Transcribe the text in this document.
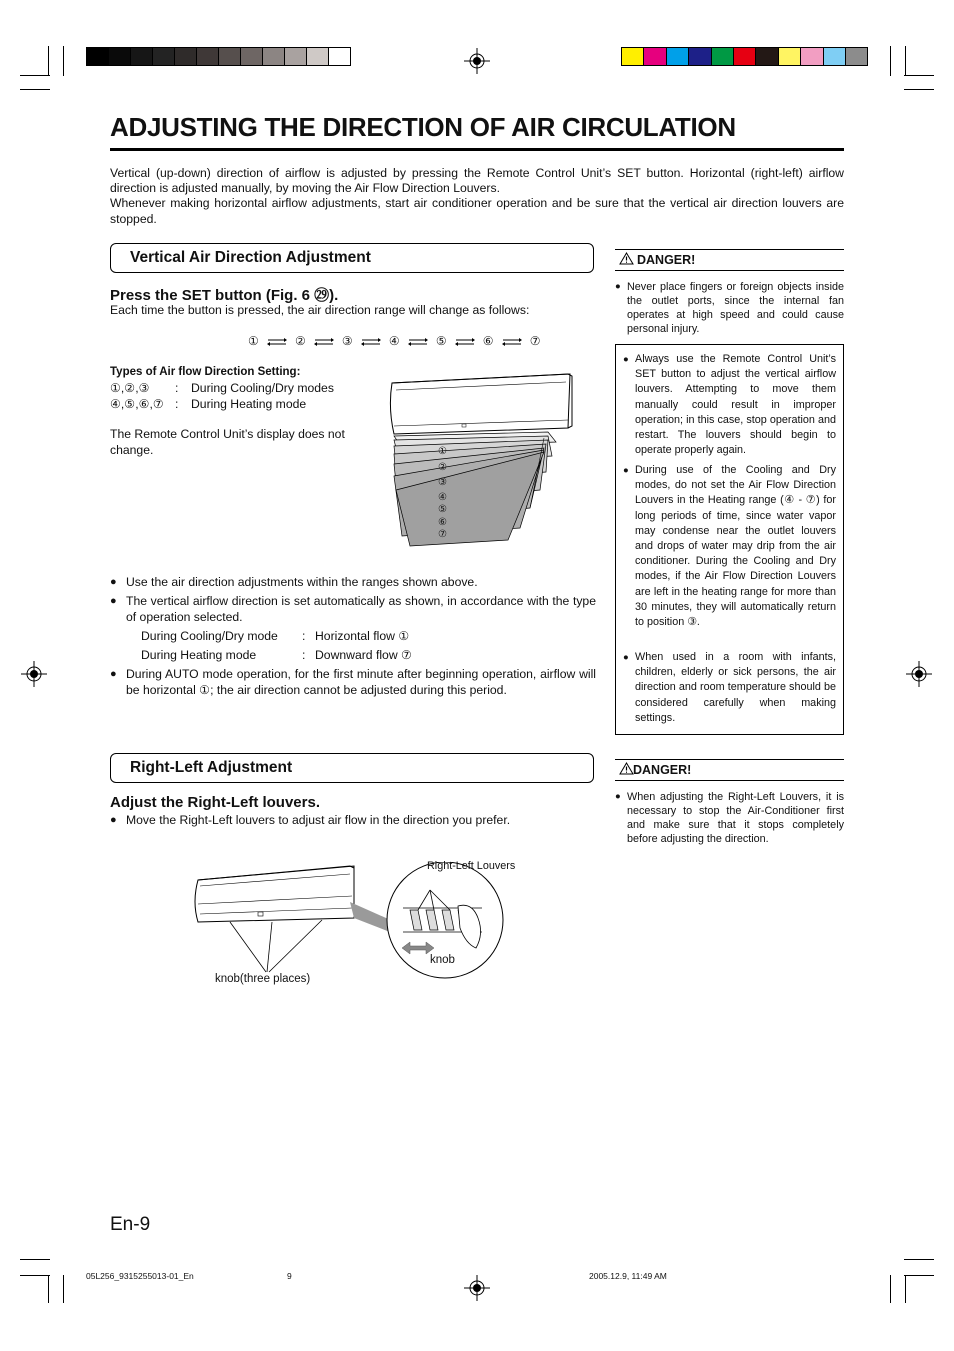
ADJUSTING THE DIRECTION OF AIR CIRCULATION

Vertical (up-down) direction of airflow is adjusted by pressing the Remote Control Unit’s SET button. Horizontal (right-left) airflow direction is adjusted manually, by moving the Air Flow Direction Louvers.

Whenever making horizontal airflow adjustments, start air conditioner operation and be sure that the vertical air direction louvers are stopped.

Vertical Air Direction Adjustment
Press the SET button (Fig. 6 ㉙).
Each time the button is pressed, the air direction range will change as follows:
①	②	③	④	⑤	⑥	⑦
Types of Air flow Direction Setting:
①,②,③ : During Cooling/Dry modes
④,⑤,⑥,⑦ : During Heating mode
The Remote Control Unit’s display does not change.	①
②
③
④
⑤
⑥
⑦
● Use the air direction adjustments within the ranges shown above.
● The vertical airflow direction is set automatically as shown, in accordance with the type of operation selected.
During Cooling/Dry mode : Horizontal flow ①
During Heating mode	: Downward flow ⑦
● During AUTO mode operation, for the first minute after beginning operation, airflow will be horizontal ①; the air direction cannot be adjusted during this period.
DANGER!
● Never place fingers or foreign objects inside the outlet ports, since the internal fan operates at high speed and could cause personal injury.
● Always use the Remote Control Unit’s SET button to adjust the vertical airflow louvers. Attempting to move them manually could result in improper operation; in this case, stop operation and restart. The louvers should begin to operate properly again.
● During use of the Cooling and Dry modes, do not set the Air Flow Direction Louvers in the Heating range (④ - ⑦) for long periods of time, since water vapor may condense near the outlet louvers and drops of water may drip from the air conditioner. During the Cooling and Dry modes, if the Air Flow Direction Louvers are left in the heating range for more than 30 minutes, they will automatically return to position ③.
● When used in a room with infants, children, elderly or sick persons, the air direction and room temperature should be considered carefully when making settings.
Right-Left Adjustment
Adjust the Right-Left louvers.
● Move the Right-Left louvers to adjust air flow in the direction you prefer.
Right-Left Louvers
knob
knob(three places)
DANGER!
● When adjusting the Right-Left Louvers, it is necessary to stop the Air-Conditioner first and make sure that it stops completely before adjusting the direction.
En-9
05L256_9315255013-01_En	9	2005.12.9, 11:49 AM
